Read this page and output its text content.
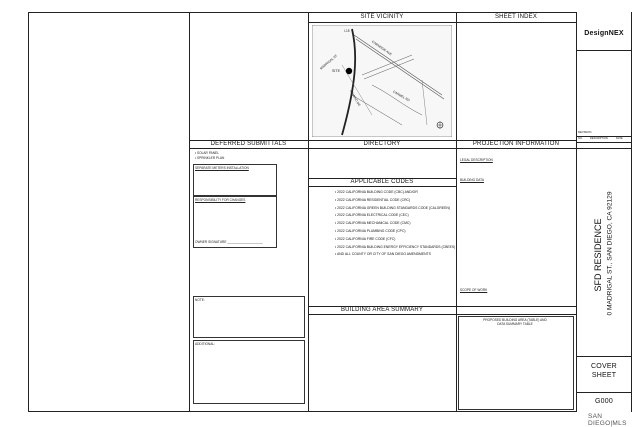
SITE VICINITY	SHEET INDEX
DEFERRED SUBMITTALS	DIRECTORY	PROJECTION INFORMATION
APPLICABLE CODES
BUILDING AREA SUMMARY
SITE
I-15
CARNEGIE AVE
MADRIGAL ST
CARMEL RD
CAMINO DE
• SOLAR PANEL
• SPRINKLER PLAN
SEPARATE METERS INSTALLATION
RESPONSIBILITY FOR CHANGES
OWNER SIGNATURE ____________________
NOTE:
ADDITIONAL:
• 2022 CALIFORNIA BUILDING CODE (CBC) AND/OR
• 2022 CALIFORNIA RESIDENTIAL CODE (CRC)
• 2022 CALIFORNIA GREEN BUILDING STANDARDS CODE (CALGREEN)
• 2022 CALIFORNIA ELECTRICAL CODE (CEC)
• 2022 CALIFORNIA MECHANICAL CODE (CMC)
• 2022 CALIFORNIA PLUMBING CODE (CPC)
• 2022 CALIFORNIA FIRE CODE (CFC)
• 2022 CALIFORNIA BUILDING ENERGY EFFICIENCY STANDARDS (CBEES)
• AND ALL COUNTY OR CITY OF SAN DIEGO AMENDMENTS
LEGAL DESCRIPTION
BUILDING DATA
SCOPE OF WORK
PROPOSED BUILDING AREA (TABLE) AND
DATA SUMMARY TABLE
DesignNEX
REVISION
NO.	DESCRIPTION	DATE
SFD RESIDENCE 0 MADRIGAL ST., SAN DIEGO, CA 92129
COVER
SHEET
G000
SAN DIEGO|MLS
